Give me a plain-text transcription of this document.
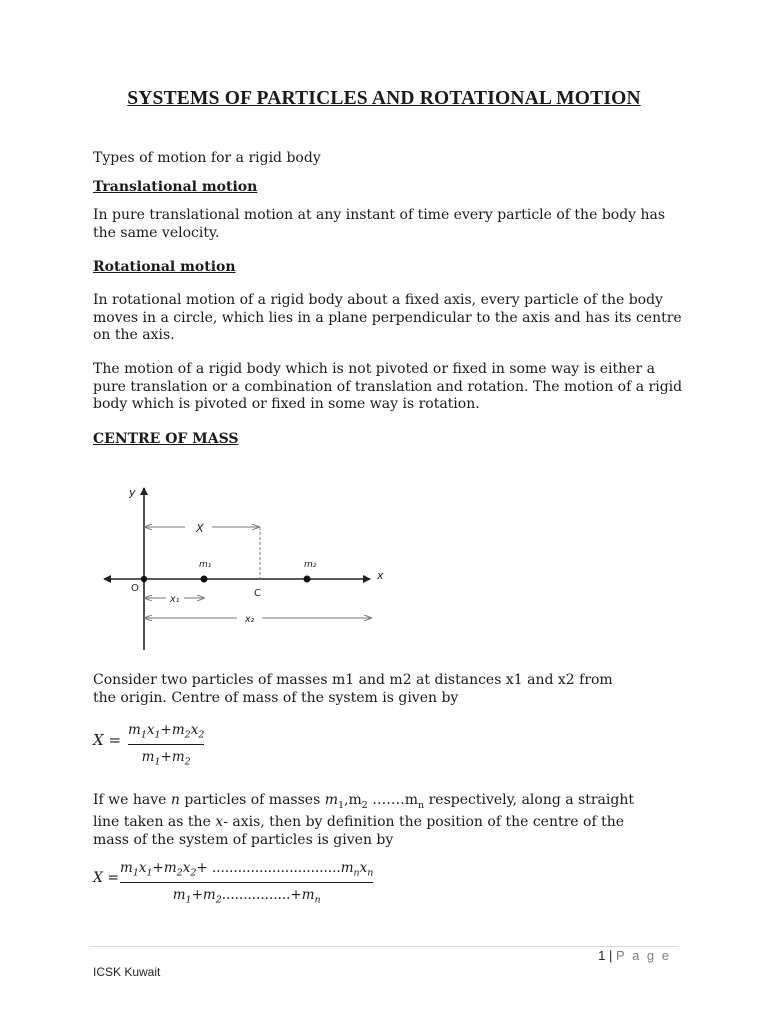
SYSTEMS OF PARTICLES AND ROTATIONAL MOTION
Types of motion for a rigid body
Translational motion
In pure translational motion at any instant of time every particle of the body has the same velocity.
Rotational motion
In rotational motion of a rigid body about a fixed axis, every particle of the body moves in a circle, which lies in a plane perpendicular to the axis and has its centre on the axis.
The motion of a rigid body which is not pivoted or fixed in some way is either a pure translation or a combination of translation and rotation. The motion of a rigid body which is pivoted or fixed in some way is rotation.
CENTRE OF MASS
y
x
O
X
m₁	m₂
C
x₁
x₂
Consider two particles of masses m1 and m2 at distances x1 and x2 from
the origin. Centre of mass of the system is given by
X =
$m_1x_1+m_2x_2$
$m_1+m_2$
If we have n particles of masses $m_1,m_2$ $\dots\dots.m_n$ respectively, along a straight
line taken as the x- axis, then by definition the position of the centre of the
mass of the system of particles is given by
X =
$m_1x_1+m_2x_2+ ..............................m_nx_n$
$m_1+m_2................+m_n$
1 | P a g e
ICSK Kuwait
